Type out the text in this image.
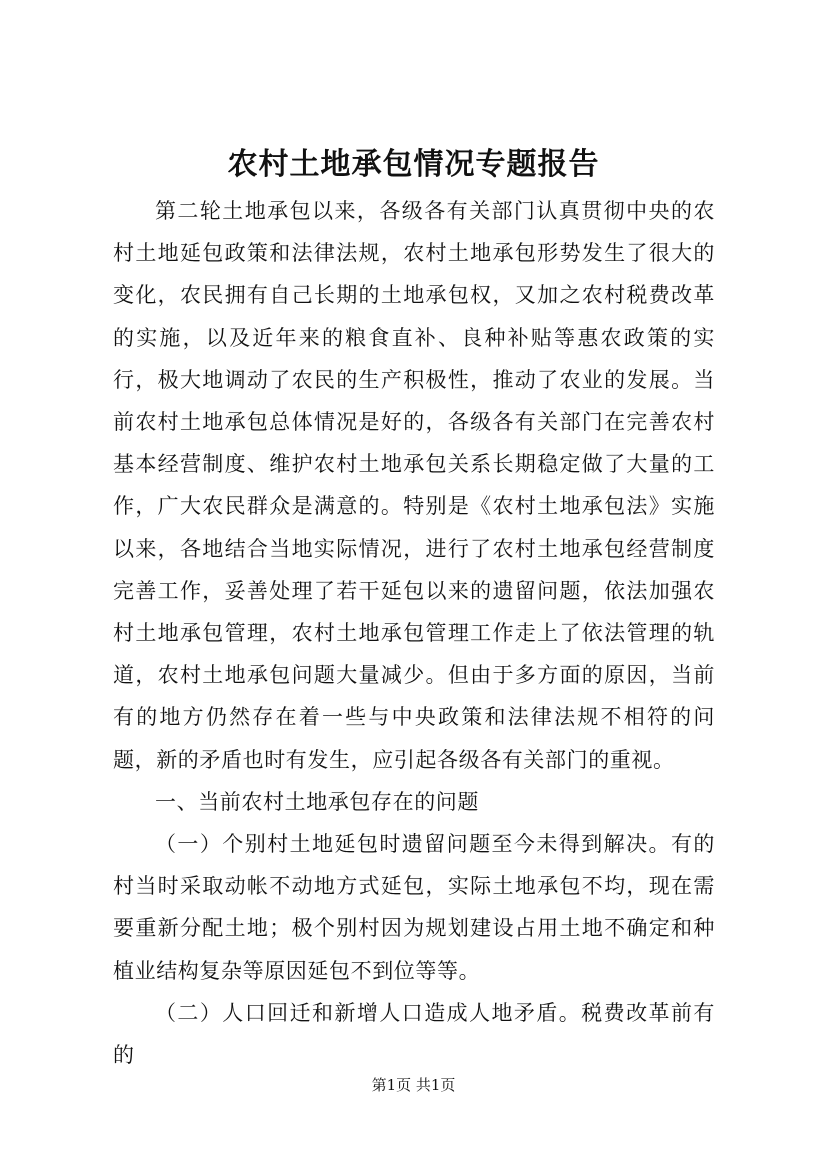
农村土地承包情况专题报告

第二轮土地承包以来，各级各有关部门认真贯彻中央的农村土地延包政策和法律法规，农村土地承包形势发生了很大的变化，农民拥有自己长期的土地承包权，又加之农村税费改革的实施，以及近年来的粮食直补、良种补贴等惠农政策的实行，极大地调动了农民的生产积极性，推动了农业的发展。当前农村土地承包总体情况是好的，各级各有关部门在完善农村基本经营制度、维护农村土地承包关系长期稳定做了大量的工作，广大农民群众是满意的。特别是《农村土地承包法》实施以来，各地结合当地实际情况，进行了农村土地承包经营制度完善工作，妥善处理了若干延包以来的遗留问题，依法加强农村土地承包管理，农村土地承包管理工作走上了依法管理的轨道，农村土地承包问题大量减少。但由于多方面的原因，当前有的地方仍然存在着一些与中央政策和法律法规不相符的问题，新的矛盾也时有发生，应引起各级各有关部门的重视。

一、当前农村土地承包存在的问题

（一）个别村土地延包时遗留问题至今未得到解决。有的村当时采取动帐不动地方式延包，实际土地承包不均，现在需要重新分配土地；极个别村因为规划建设占用土地不确定和种植业结构复杂等原因延包不到位等等。

（二）人口回迁和新增人口造成人地矛盾。税费改革前有的

第1页 共1页
